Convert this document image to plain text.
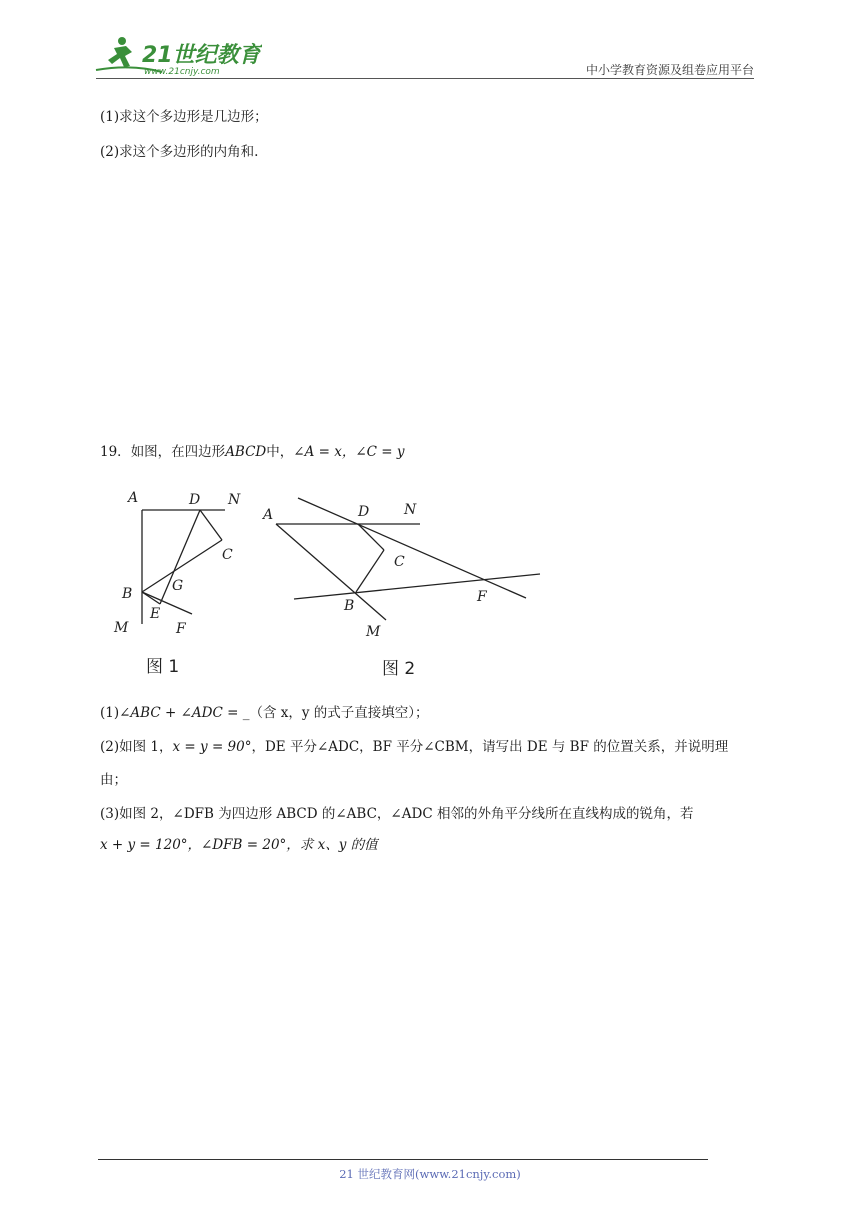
21世纪教育
www.21cnjy.com	中小学教育资源及组卷应用平台
(1)求这个多边形是几边形；
(2)求这个多边形的内角和.
19．如图，在四边形ABCD中，∠A = x，∠C = y
A	D N
C
B	G
E
F
M
图 1
A	D N
C
B
F
M
图 2
(1)∠ABC + ∠ADC = _（含 x，y 的式子直接填空）；
(2)如图 1，x = y = 90°，DE 平分∠ADC，BF 平分∠CBM，请写出 DE 与 BF 的位置关系，并说明理
由；
(3)如图 2，∠DFB 为四边形 ABCD 的∠ABC，∠ADC 相邻的外角平分线所在直线构成的锐角，若
x + y = 120°，∠DFB = 20°，求 x、y 的值
21 世纪教育网(www.21cnjy.com)
